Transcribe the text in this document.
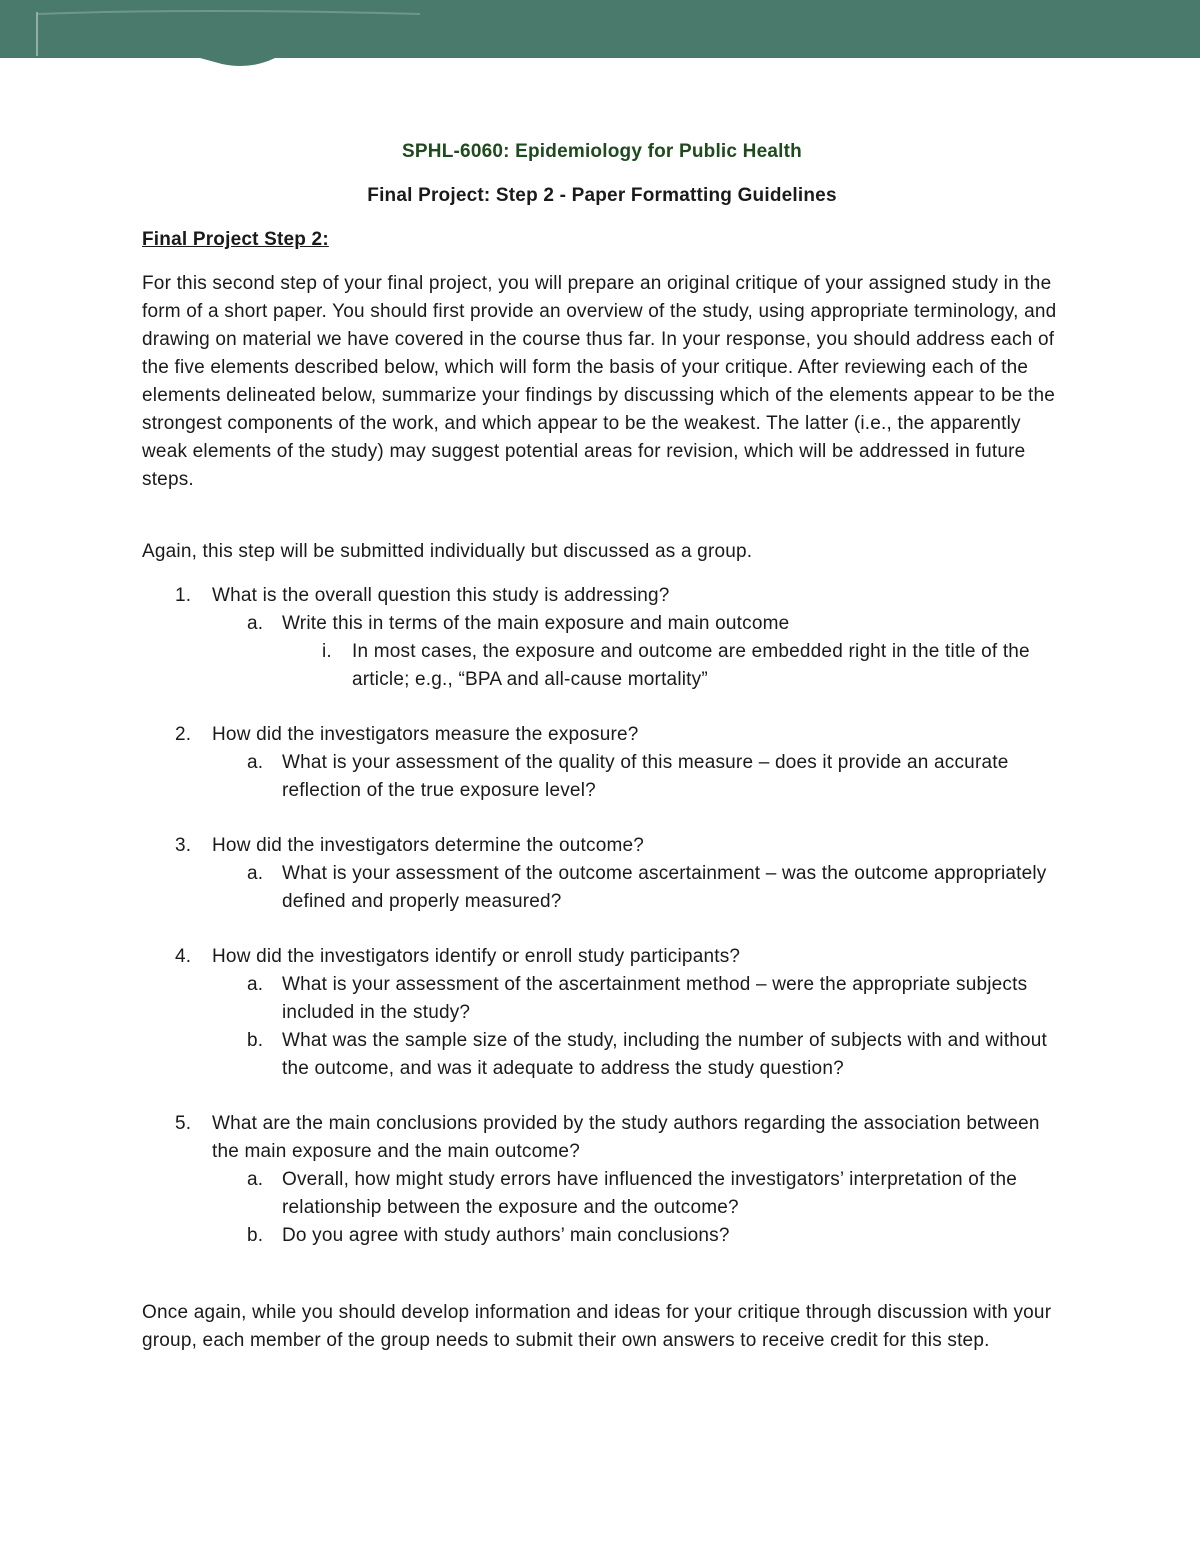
SPHL-6060: Epidemiology for Public Health
Final Project: Step 2 - Paper Formatting Guidelines
Final Project Step 2:

For this second step of your final project, you will prepare an original critique of your assigned study in the form of a short paper. You should first provide an overview of the study, using appropriate terminology, and drawing on material we have covered in the course thus far. In your response, you should address each of the five elements described below, which will form the basis of your critique. After reviewing each of the elements delineated below, summarize your findings by discussing which of the elements appear to be the strongest components of the work, and which appear to be the weakest. The latter (i.e., the apparently weak elements of the study) may suggest potential areas for revision, which will be addressed in future steps.

Again, this step will be submitted individually but discussed as a group.

1. What is the overall question this study is addressing?
a. Write this in terms of the main exposure and main outcome
i. In most cases, the exposure and outcome are embedded right in the title of the article; e.g., “BPA and all-cause mortality”
2. How did the investigators measure the exposure?
a. What is your assessment of the quality of this measure – does it provide an accurate reflection of the true exposure level?
3. How did the investigators determine the outcome?
a. What is your assessment of the outcome ascertainment – was the outcome appropriately defined and properly measured?
4. How did the investigators identify or enroll study participants?
a. What is your assessment of the ascertainment method – were the appropriate subjects included in the study?
b. What was the sample size of the study, including the number of subjects with and without the outcome, and was it adequate to address the study question?
5. What are the main conclusions provided by the study authors regarding the association between the main exposure and the main outcome?
a. Overall, how might study errors have influenced the investigators’ interpretation of the relationship between the exposure and the outcome?
b. Do you agree with study authors’ main conclusions?

Once again, while you should develop information and ideas for your critique through discussion with your group, each member of the group needs to submit their own answers to receive credit for this step.
